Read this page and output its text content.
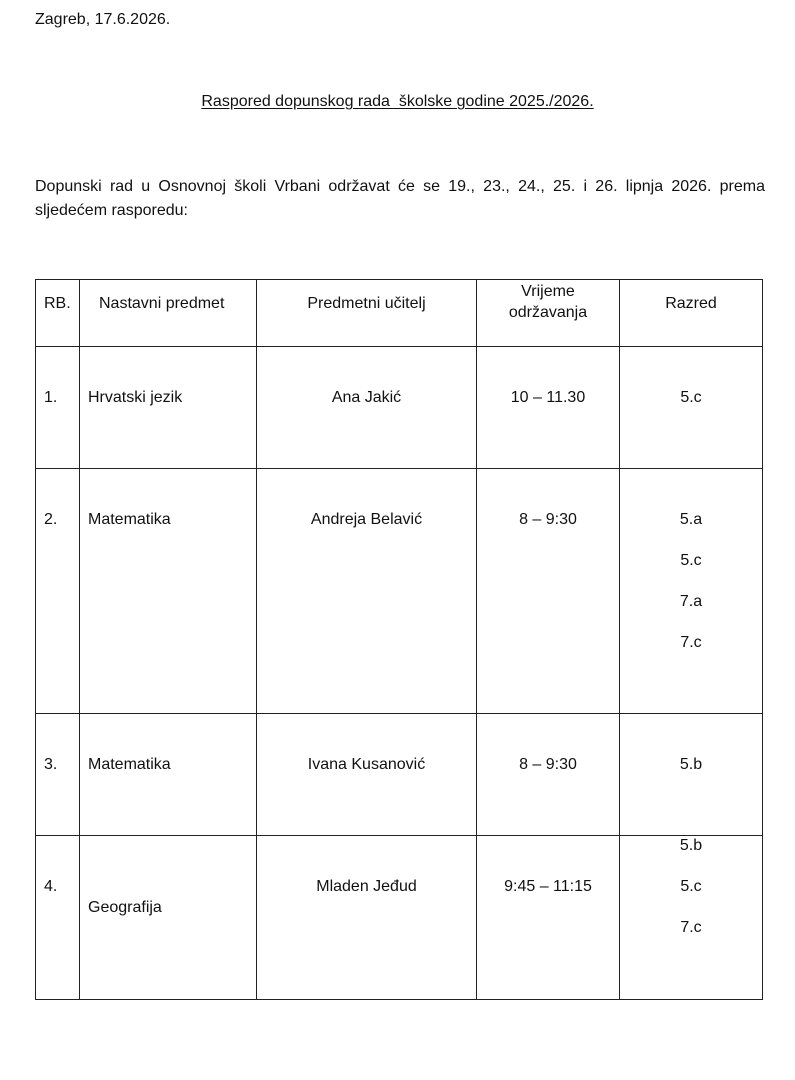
Zagreb, 17.6.2026.
Raspored dopunskog rada  školske godine 2025./2026.
Dopunski rad u Osnovnoj školi Vrbani održavat će se 19., 23., 24., 25. i 26. lipnja 2026. prema sljedećem rasporedu:
RB.	Nastavni predmet	Predmetni učitelj	Vrijeme
održavanja	Razred

1.	Hrvatski jezik	Ana Jakić	10 – 11.30	5.c

2.	Matematika	Andreja Belavić	8 – 9:30	5.a
5.c
7.a
7.c

3.	Matematika	Ivana Kusanović	8 – 9:30	5.b

4.	Geografija	Mladen Jeđud	9:45 – 11:15	5.b
5.c
7.c
